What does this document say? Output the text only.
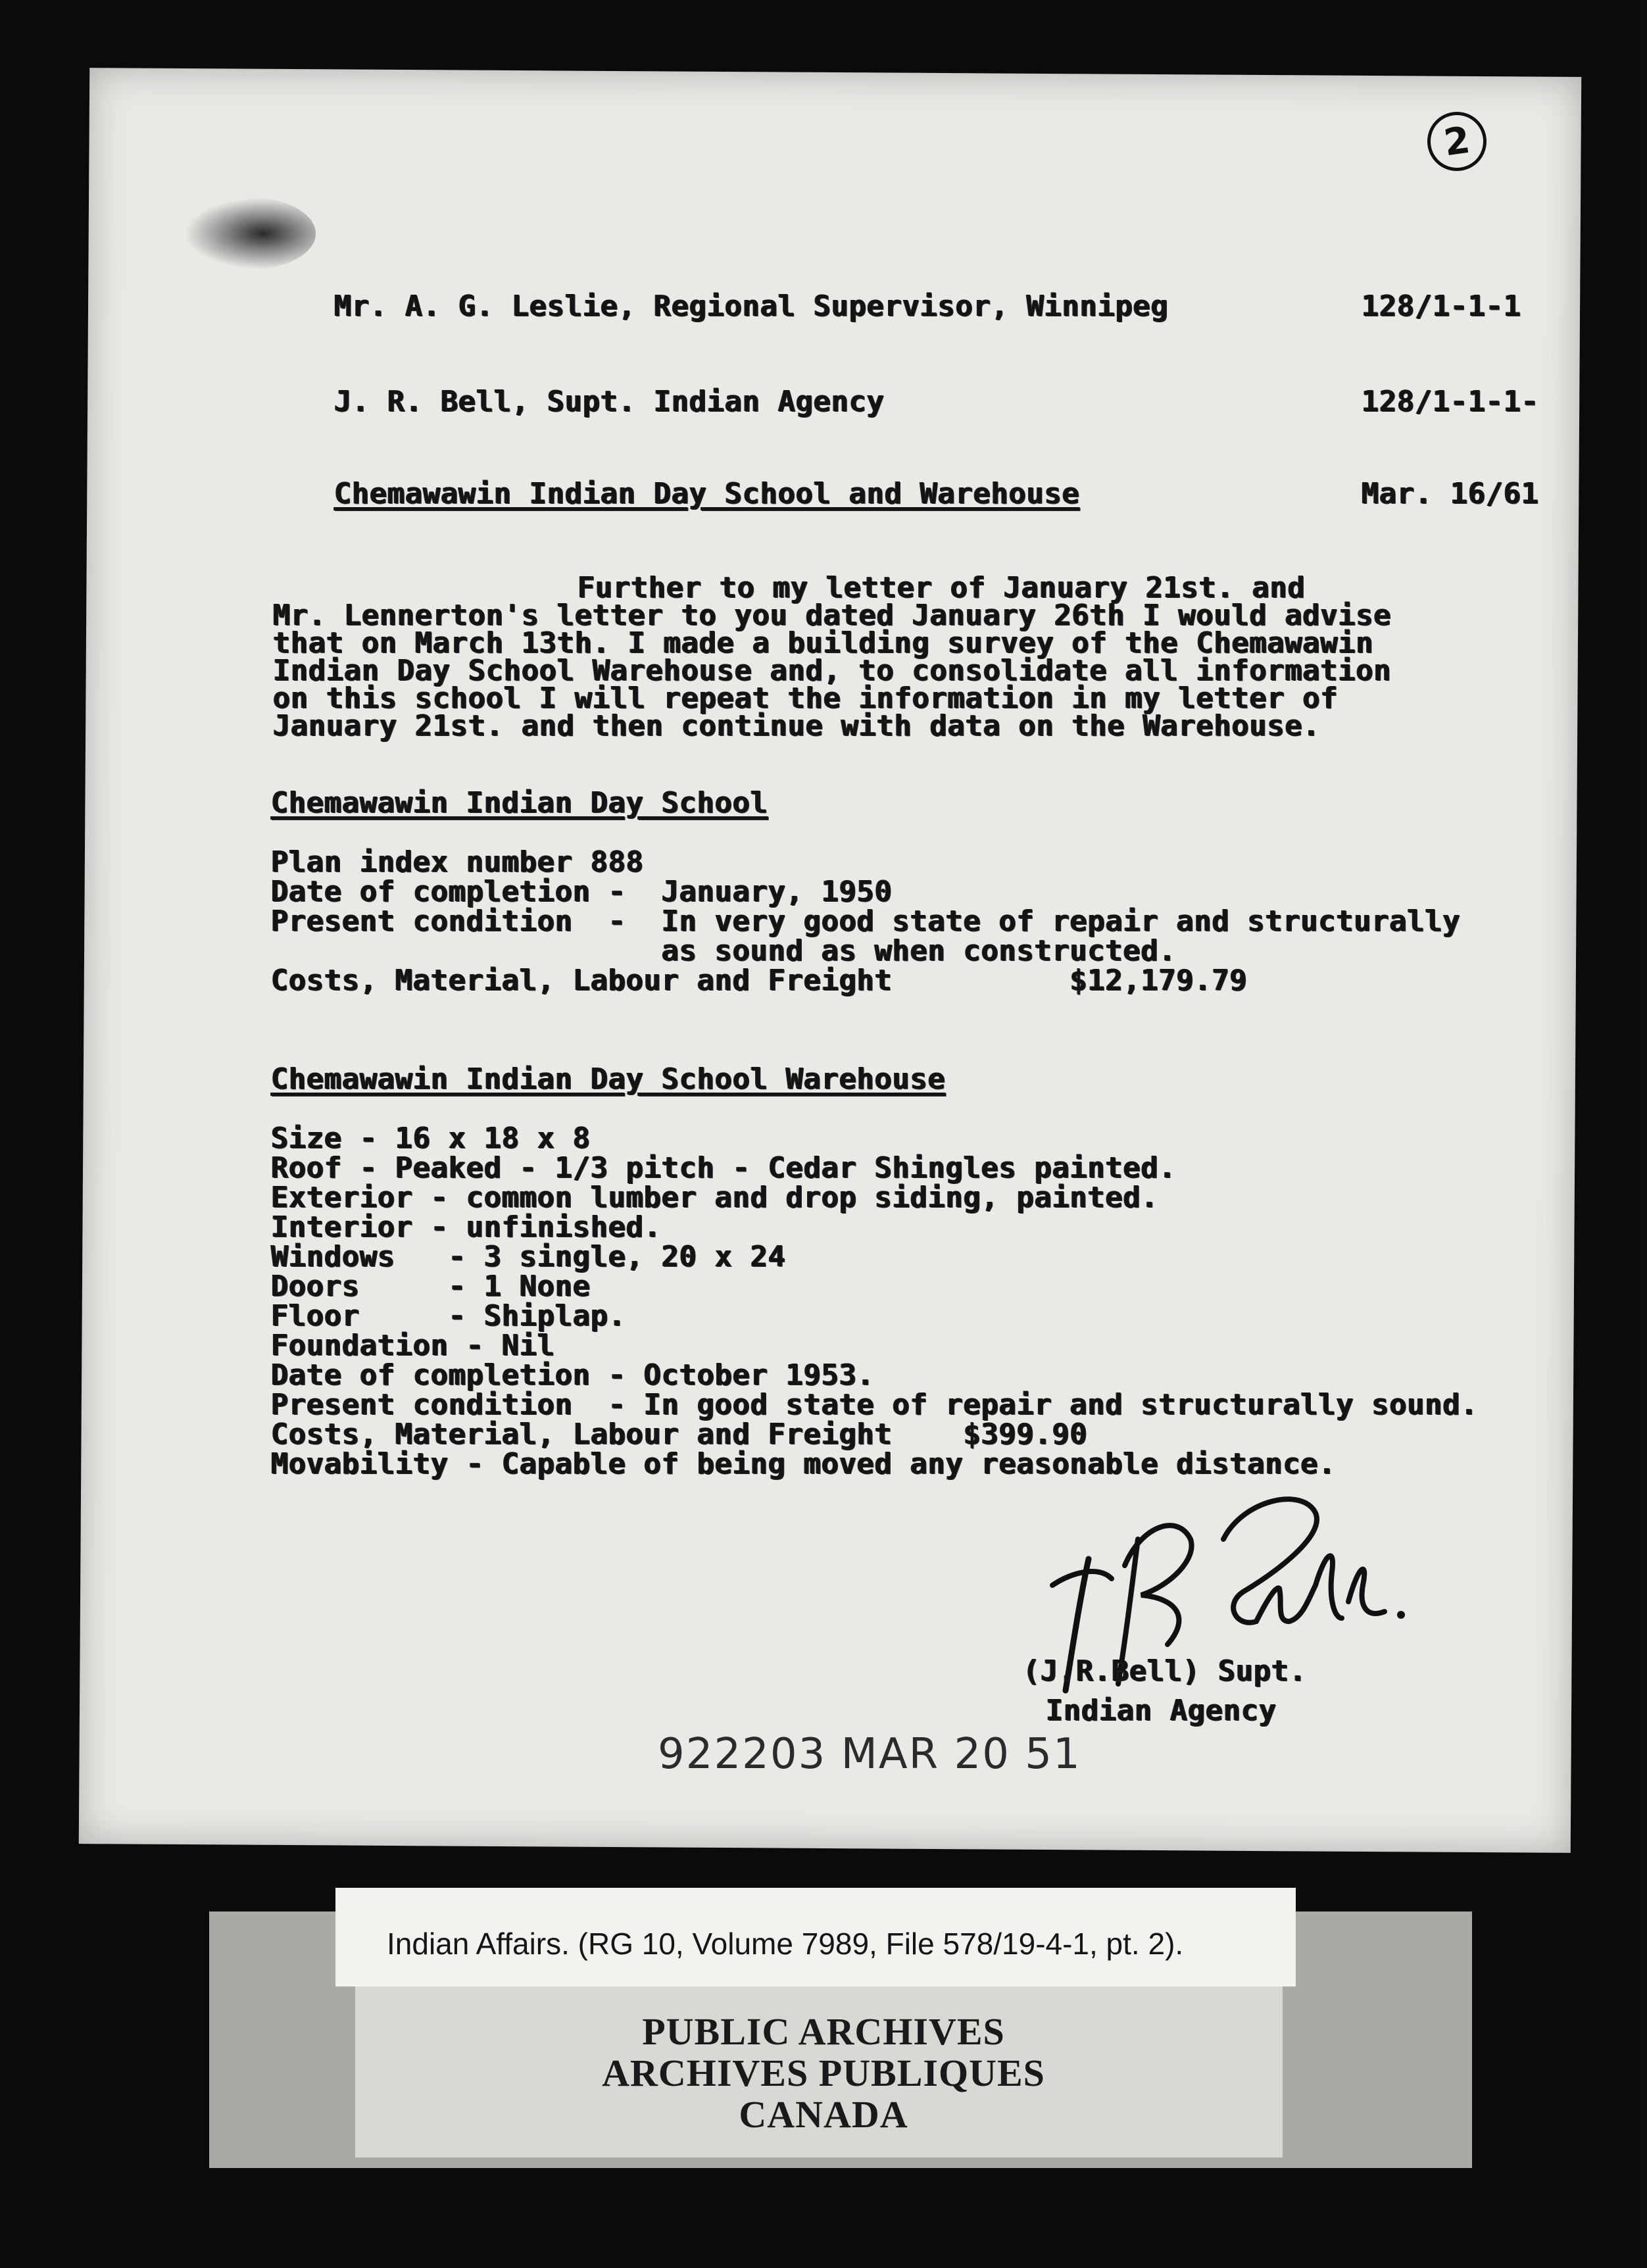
2
Mr. A. G. Leslie, Regional Supervisor, Winnipeg	128/1-1-1
J. R. Bell, Supt. Indian Agency	128/1-1-1-
Chemawawin Indian Day School and Warehouse	Mar. 16/61
Further to my letter of January 21st. and
Mr. Lennerton's letter to you dated January 26th I would advise
that on March 13th. I made a building survey of the Chemawawin
Indian Day School Warehouse and, to consolidate all information
on this school I will repeat the information in my letter of
January 21st. and then continue with data on the Warehouse.
Chemawawin Indian Day School
Plan index number 888
Date of completion -  January, 1950
Present condition  -  In very good state of repair and structurally
as sound as when constructed.
Costs, Material, Labour and Freight          $12,179.79
Chemawawin Indian Day School Warehouse
Size - 16 x 18 x 8
Roof - Peaked - 1/3 pitch - Cedar Shingles painted.
Exterior - common lumber and drop siding, painted.
Interior - unfinished.
Windows   - 3 single, 20 x 24
Doors     - 1 None
Floor     - Shiplap.
Foundation - Nil
Date of completion - October 1953.
Present condition  - In good state of repair and structurally sound.
Costs, Material, Labour and Freight    $399.90
Movability - Capable of being moved any reasonable distance.
(J.R.Bell) Supt.
Indian Agency
922203 MAR 20 51
Indian Affairs. (RG 10, Volume 7989, File 578/19-4-1, pt. 2).
PUBLIC ARCHIVES
ARCHIVES PUBLIQUES
CANADA
